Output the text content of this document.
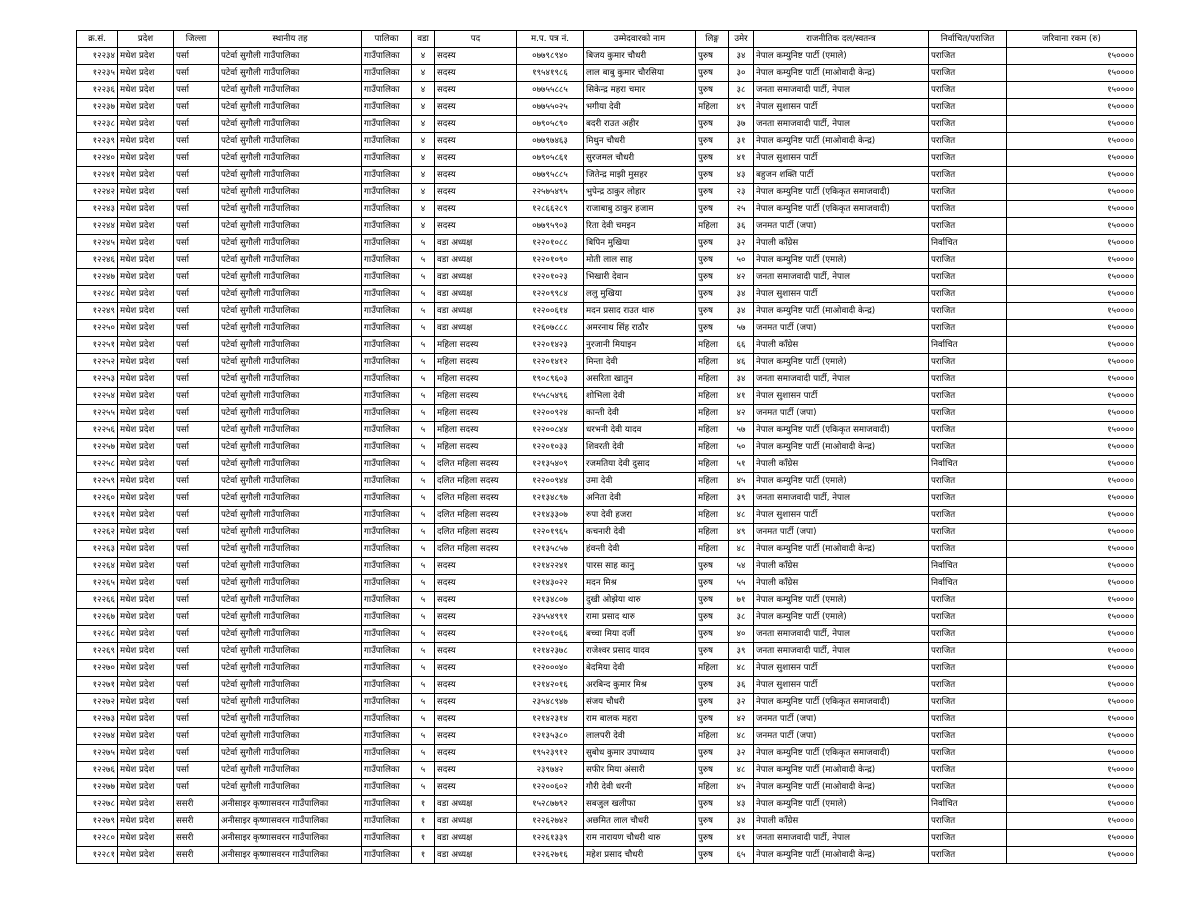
क्र.सं.	प्रदेश	जिल्ला	स्थानीय तह	पालिका	वडा	पद	म.प. पत्र नं.	उम्मेदवारको नाम	लिङ्ग	उमेर	राजनीतिक दल/स्वतन्त्र	निर्वाचित/पराजित	जरिवाना रकम (रु)
१२२३४	मधेश प्रदेश	पर्सा	पटेर्वा सुगौली गाउँपालिका	गाउँपालिका	४	सदस्य	०७७९८९४०	बिजय कुमार चौधरी	पुरुष	३४	नेपाल कम्युनिष्ट पार्टी (एमाले)	पराजित	१५००००
१२२३५	मधेश प्रदेश	पर्सा	पटेर्वा सुगौली गाउँपालिका	गाउँपालिका	४	सदस्य	१९५४१९८६	लाल बाबु कुमार चौरसिया	पुरुष	३०	नेपाल कम्युनिष्ट पार्टी (माओवादी केन्द्र)	पराजित	१५००००
१२२३६	मधेश प्रदेश	पर्सा	पटेर्वा सुगौली गाउँपालिका	गाउँपालिका	४	सदस्य	०७७५५८८५	सिकेन्द्र महरा चमार	पुरुष	३८	जनता समाजवादी पार्टी, नेपाल	पराजित	१५००००
१२२३७	मधेश प्रदेश	पर्सा	पटेर्वा सुगौली गाउँपालिका	गाउँपालिका	४	सदस्य	०७७५५०२५	भगीया देवी	महिला	४९	नेपाल सुशासन पार्टी	पराजित	१५००००
१२२३८	मधेश प्रदेश	पर्सा	पटेर्वा सुगौली गाउँपालिका	गाउँपालिका	४	सदस्य	०७९०५८९०	बदरी राउत अहीर	पुरुष	३७	जनता समाजवादी पार्टी, नेपाल	पराजित	१५००००
१२२३९	मधेश प्रदेश	पर्सा	पटेर्वा सुगौली गाउँपालिका	गाउँपालिका	४	सदस्य	०७७९७४६३	मिथुन चौधरी	पुरुष	३१	नेपाल कम्युनिष्ट पार्टी (माओवादी केन्द्र)	पराजित	१५००००
१२२४०	मधेश प्रदेश	पर्सा	पटेर्वा सुगौली गाउँपालिका	गाउँपालिका	४	सदस्य	०७९०५८६१	सुरजमल चौधरी	पुरुष	४१	नेपाल सुशासन पार्टी	पराजित	१५००००
१२२४१	मधेश प्रदेश	पर्सा	पटेर्वा सुगौली गाउँपालिका	गाउँपालिका	४	सदस्य	०७७९५८८५	जितेन्द्र माझी मुसहर	पुरुष	४३	बहुजन शक्ति पार्टी	पराजित	१५००००
१२२४२	मधेश प्रदेश	पर्सा	पटेर्वा सुगौली गाउँपालिका	गाउँपालिका	४	सदस्य	२२५७५४९५	भुपेन्द्र ठाकुर लोहार	पुरुष	२३	नेपाल कम्युनिष्ट पार्टी (एकिकृत समाजवादी)	पराजित	१५००००
१२२४३	मधेश प्रदेश	पर्सा	पटेर्वा सुगौली गाउँपालिका	गाउँपालिका	४	सदस्य	१२८६६२८९	राजाबाबु ठाकुर हजाम	पुरुष	२५	नेपाल कम्युनिष्ट पार्टी (एकिकृत समाजवादी)	पराजित	१५००००
१२२४४	मधेश प्रदेश	पर्सा	पटेर्वा सुगौली गाउँपालिका	गाउँपालिका	४	सदस्य	०७७९५९०३	रिता देवी चमइन	महिला	३६	जनमत पार्टी (जपा)	पराजित	१५००००
१२२४५	मधेश प्रदेश	पर्सा	पटेर्वा सुगौली गाउँपालिका	गाउँपालिका	५	वडा अध्यक्ष	१२२०१०८८	बिपिन मुखिया	पुरुष	३२	नेपाली काँग्रेस	निर्वाचित	१५००००
१२२४६	मधेश प्रदेश	पर्सा	पटेर्वा सुगौली गाउँपालिका	गाउँपालिका	५	वडा अध्यक्ष	१२२०१०९०	मोती लाल साह	पुरुष	५०	नेपाल कम्युनिष्ट पार्टी (एमाले)	पराजित	१५००००
१२२४७	मधेश प्रदेश	पर्सा	पटेर्वा सुगौली गाउँपालिका	गाउँपालिका	५	वडा अध्यक्ष	१२२०१०२३	भिखारी देवान	पुरुष	४२	जनता समाजवादी पार्टी, नेपाल	पराजित	१५००००
१२२४८	मधेश प्रदेश	पर्सा	पटेर्वा सुगौली गाउँपालिका	गाउँपालिका	५	वडा अध्यक्ष	१२२०९९८४	ललु मुखिया	पुरुष	३४	नेपाल सुशासन पार्टी	पराजित	१५००००
१२२४९	मधेश प्रदेश	पर्सा	पटेर्वा सुगौली गाउँपालिका	गाउँपालिका	५	वडा अध्यक्ष	१२२००६१४	मदन प्रसाद राउत थारु	पुरुष	३४	नेपाल कम्युनिष्ट पार्टी (माओवादी केन्द्र)	पराजित	१५००००
१२२५०	मधेश प्रदेश	पर्सा	पटेर्वा सुगौली गाउँपालिका	गाउँपालिका	५	वडा अध्यक्ष	१२६०७८८८	अमरनाथ सिंह राठौर	पुरुष	५७	जनमत पार्टी (जपा)	पराजित	१५००००
१२२५१	मधेश प्रदेश	पर्सा	पटेर्वा सुगौली गाउँपालिका	गाउँपालिका	५	महिला सदस्य	१२२०१४२३	नुरजानी मियाइन	महिला	६६	नेपाली काँग्रेस	निर्वाचित	१५००००
१२२५२	मधेश प्रदेश	पर्सा	पटेर्वा सुगौली गाउँपालिका	गाउँपालिका	५	महिला सदस्य	१२२०१४१२	मिन्ता देवी	महिला	४६	नेपाल कम्युनिष्ट पार्टी (एमाले)	पराजित	१५००००
१२२५३	मधेश प्रदेश	पर्सा	पटेर्वा सुगौली गाउँपालिका	गाउँपालिका	५	महिला सदस्य	१९०८९६०३	असरिता खातुन	महिला	३४	जनता समाजवादी पार्टी, नेपाल	पराजित	१५००००
१२२५४	मधेश प्रदेश	पर्सा	पटेर्वा सुगौली गाउँपालिका	गाउँपालिका	५	महिला सदस्य	१५५८५४९६	शोभिला देवी	महिला	४१	नेपाल सुशासन पार्टी	पराजित	१५००००
१२२५५	मधेश प्रदेश	पर्सा	पटेर्वा सुगौली गाउँपालिका	गाउँपालिका	५	महिला सदस्य	१२२००९२४	कान्ती देवी	महिला	४२	जनमत पार्टी (जपा)	पराजित	१५००००
१२२५६	मधेश प्रदेश	पर्सा	पटेर्वा सुगौली गाउँपालिका	गाउँपालिका	५	महिला सदस्य	१२२००८४४	धरभनी देवी यादव	महिला	५७	नेपाल कम्युनिष्ट पार्टी (एकिकृत समाजवादी)	पराजित	१५००००
१२२५७	मधेश प्रदेश	पर्सा	पटेर्वा सुगौली गाउँपालिका	गाउँपालिका	५	महिला सदस्य	१२२०१०३३	शिवरती देवी	महिला	५०	नेपाल कम्युनिष्ट पार्टी (माओवादी केन्द्र)	पराजित	१५००००
१२२५८	मधेश प्रदेश	पर्सा	पटेर्वा सुगौली गाउँपालिका	गाउँपालिका	५	दलित महिला सदस्य	१२१३५४०९	रजमतिया देवी दुसाद	महिला	५१	नेपाली काँग्रेस	निर्वाचित	१५००००
१२२५९	मधेश प्रदेश	पर्सा	पटेर्वा सुगौली गाउँपालिका	गाउँपालिका	५	दलित महिला सदस्य	१२२००९४४	उमा देवी	महिला	४५	नेपाल कम्युनिष्ट पार्टी (एमाले)	पराजित	१५००००
१२२६०	मधेश प्रदेश	पर्सा	पटेर्वा सुगौली गाउँपालिका	गाउँपालिका	५	दलित महिला सदस्य	१२१३४८९७	अनिता देवी	महिला	३९	जनता समाजवादी पार्टी, नेपाल	पराजित	१५००००
१२२६१	मधेश प्रदेश	पर्सा	पटेर्वा सुगौली गाउँपालिका	गाउँपालिका	५	दलित महिला सदस्य	१२१४३३०७	रुपा देवी हजरा	महिला	४८	नेपाल सुशासन पार्टी	पराजित	१५००००
१२२६२	मधेश प्रदेश	पर्सा	पटेर्वा सुगौली गाउँपालिका	गाउँपालिका	५	दलित महिला सदस्य	१२२०१९६५	कचनारी देवी	महिला	४९	जनमत पार्टी (जपा)	पराजित	१५००००
१२२६३	मधेश प्रदेश	पर्सा	पटेर्वा सुगौली गाउँपालिका	गाउँपालिका	५	दलित महिला सदस्य	१२१३५८५७	हंवन्ती देवी	महिला	४८	नेपाल कम्युनिष्ट पार्टी (माओवादी केन्द्र)	पराजित	१५००००
१२२६४	मधेश प्रदेश	पर्सा	पटेर्वा सुगौली गाउँपालिका	गाउँपालिका	५	सदस्य	१२१४२२४१	पारस साह कानु	पुरुष	५४	नेपाली काँग्रेस	निर्वाचित	१५००००
१२२६५	मधेश प्रदेश	पर्सा	पटेर्वा सुगौली गाउँपालिका	गाउँपालिका	५	सदस्य	१२१४३०२२	मदन मिश्र	पुरुष	५५	नेपाली काँग्रेस	निर्वाचित	१५००००
१२२६६	मधेश प्रदेश	पर्सा	पटेर्वा सुगौली गाउँपालिका	गाउँपालिका	५	सदस्य	१२१३४८०७	दुखी ओझेया थारु	पुरुष	७१	नेपाल कम्युनिष्ट पार्टी (एमाले)	पराजित	१५००००
१२२६७	मधेश प्रदेश	पर्सा	पटेर्वा सुगौली गाउँपालिका	गाउँपालिका	५	सदस्य	२३५५४९९१	रामा प्रसाद थारु	पुरुष	३८	नेपाल कम्युनिष्ट पार्टी (एमाले)	पराजित	१५००००
१२२६८	मधेश प्रदेश	पर्सा	पटेर्वा सुगौली गाउँपालिका	गाउँपालिका	५	सदस्य	१२२०१०६६	बच्चा मिया दर्जी	पुरुष	४०	जनता समाजवादी पार्टी, नेपाल	पराजित	१५००००
१२२६९	मधेश प्रदेश	पर्सा	पटेर्वा सुगौली गाउँपालिका	गाउँपालिका	५	सदस्य	१२१४२३७८	राजेश्वर प्रसाद यादव	पुरुष	३९	जनता समाजवादी पार्टी, नेपाल	पराजित	१५००००
१२२७०	मधेश प्रदेश	पर्सा	पटेर्वा सुगौली गाउँपालिका	गाउँपालिका	५	सदस्य	१२२०००४०	बेदमिया देवी	महिला	४८	नेपाल सुशासन पार्टी	पराजित	१५००००
१२२७१	मधेश प्रदेश	पर्सा	पटेर्वा सुगौली गाउँपालिका	गाउँपालिका	५	सदस्य	१२१४२०१६	अरबिन्द कुमार मिश्र	पुरुष	३६	नेपाल सुशासन पार्टी	पराजित	१५००००
१२२७२	मधेश प्रदेश	पर्सा	पटेर्वा सुगौली गाउँपालिका	गाउँपालिका	५	सदस्य	२३५४८९४७	संजय चौधरी	पुरुष	३२	नेपाल कम्युनिष्ट पार्टी (एकिकृत समाजवादी)	पराजित	१५००००
१२२७३	मधेश प्रदेश	पर्सा	पटेर्वा सुगौली गाउँपालिका	गाउँपालिका	५	सदस्य	१२१४२३१४	राम बालक महरा	पुरुष	४२	जनमत पार्टी (जपा)	पराजित	१५००००
१२२७४	मधेश प्रदेश	पर्सा	पटेर्वा सुगौली गाउँपालिका	गाउँपालिका	५	सदस्य	१२१३५३८०	लालपरी देवी	महिला	४८	जनमत पार्टी (जपा)	पराजित	१५००००
१२२७५	मधेश प्रदेश	पर्सा	पटेर्वा सुगौली गाउँपालिका	गाउँपालिका	५	सदस्य	१९५२३९१२	सुबोध कुमार उपाध्याय	पुरुष	३२	नेपाल कम्युनिष्ट पार्टी (एकिकृत समाजवादी)	पराजित	१५००००
१२२७६	मधेश प्रदेश	पर्सा	पटेर्वा सुगौली गाउँपालिका	गाउँपालिका	५	सदस्य	२३९७४२	सफीर मिया अंसारी	पुरुष	४८	नेपाल कम्युनिष्ट पार्टी (माओवादी केन्द्र)	पराजित	१५००००
१२२७७	मधेश प्रदेश	पर्सा	पटेर्वा सुगौली गाउँपालिका	गाउँपालिका	५	सदस्य	१२२००६०२	गौरी देवी धरनी	महिला	४५	नेपाल कम्युनिष्ट पार्टी (माओवादी केन्द्र)	पराजित	१५००००
१२२७८	मधेश प्रदेश	ससरी	अनीसाइर कृष्णासवरन गाउँपालिका	गाउँपालिका	१	वडा अध्यक्ष	१५२८७७९२	सबजुल खलीफा	पुरुष	४३	नेपाल कम्युनिष्ट पार्टी (एमाले)	निर्वाचित	१५००००
१२२७९	मधेश प्रदेश	ससरी	अनीसाइर कृष्णासवरन गाउँपालिका	गाउँपालिका	१	वडा अध्यक्ष	१२२६२७४२	अछमित लाल चौधरी	पुरुष	३४	नेपाली काँग्रेस	पराजित	१५००००
१२२८०	मधेश प्रदेश	ससरी	अनीसाइर कृष्णासवरन गाउँपालिका	गाउँपालिका	१	वडा अध्यक्ष	१२२६१३३९	राम नारायण चौधरी थारु	पुरुष	४१	जनता समाजवादी पार्टी, नेपाल	पराजित	१५००००
१२२८१	मधेश प्रदेश	ससरी	अनीसाइर कृष्णासवरन गाउँपालिका	गाउँपालिका	१	वडा अध्यक्ष	१२२६२७१६	महेश प्रसाद चौधरी	पुरुष	६५	नेपाल कम्युनिष्ट पार्टी (माओवादी केन्द्र)	पराजित	१५००००
